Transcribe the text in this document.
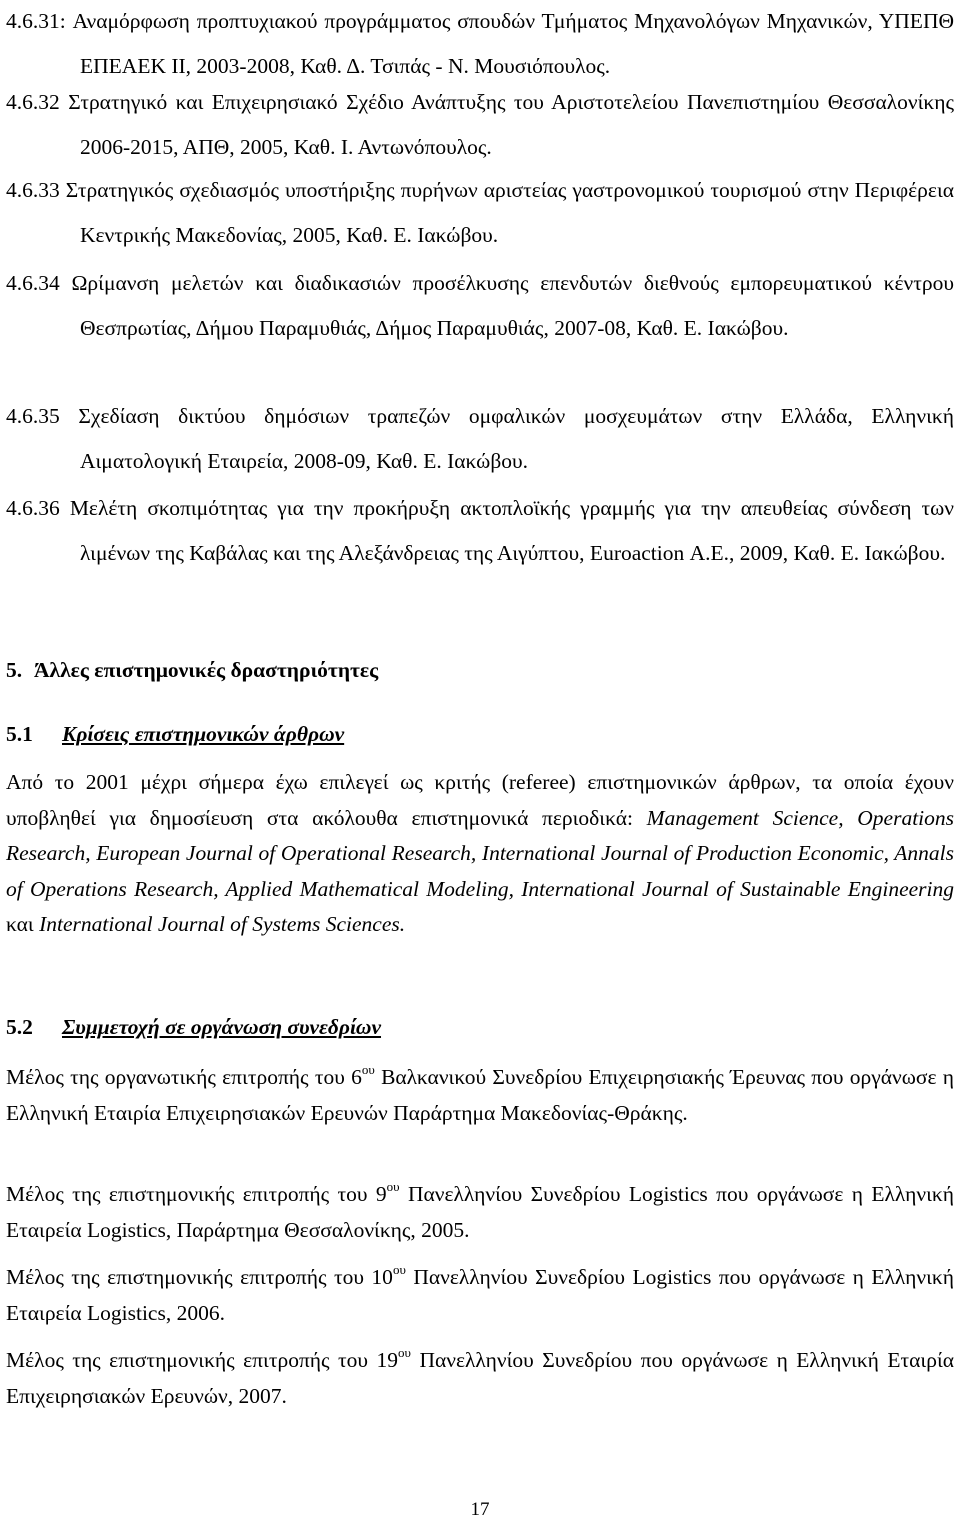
4.6.31: Αναμόρφωση προπτυχιακού προγράμματος σπουδών Τμήματος Μηχανολόγων Μηχανικών, ΥΠΕΠΘ ΕΠΕΑΕΚ ΙΙ, 2003-2008, Καθ. Δ. Τσιπάς - Ν. Μουσιόπουλος.

4.6.32 Στρατηγικό και Επιχειρησιακό Σχέδιο Ανάπτυξης του Αριστοτελείου Πανεπιστημίου Θεσσαλονίκης 2006-2015, ΑΠΘ, 2005, Καθ. Ι. Αντωνόπουλος.

4.6.33 Στρατηγικός σχεδιασμός υποστήριξης πυρήνων αριστείας γαστρονομικού τουρισμού στην Περιφέρεια Κεντρικής Μακεδονίας, 2005, Καθ. Ε. Ιακώβου.

4.6.34 Ωρίμανση μελετών και διαδικασιών προσέλκυσης επενδυτών διεθνούς εμπορευματικού κέντρου Θεσπρωτίας, Δήμου Παραμυθιάς, Δήμος Παραμυθιάς, 2007-08, Καθ. Ε. Ιακώβου.

4.6.35 Σχεδίαση δικτύου δημόσιων τραπεζών ομφαλικών μοσχευμάτων στην Ελλάδα, Ελληνική Αιματολογική Εταιρεία, 2008-09, Καθ. Ε. Ιακώβου.

4.6.36 Μελέτη σκοπιμότητας για την προκήρυξη ακτοπλοϊκής γραμμής για την απευθείας σύνδεση των λιμένων της Καβάλας και της Αλεξάνδρειας της Αιγύπτου, Euroaction Α.Ε., 2009, Καθ. Ε. Ιακώβου.

5. Άλλες επιστημονικές δραστηριότητες
5.1 Κρίσεις επιστημονικών άρθρων

Από το 2001 μέχρι σήμερα έχω επιλεγεί ως κριτής (referee) επιστημονικών άρθρων, τα οποία έχουν υποβληθεί για δημοσίευση στα ακόλουθα επιστημονικά περιοδικά: Management Science, Operations Research, European Journal of Operational Research, International Journal of Production Economic, Annals of Operations Research, Applied Mathematical Modeling, International Journal of Sustainable Engineering και International Journal of Systems Sciences.

5.2 Συμμετοχή σε οργάνωση συνεδρίων

Μέλος της οργανωτικής επιτροπής του $6^{o\upsilon}$ Βαλκανικού Συνεδρίου Επιχειρησιακής Έρευνας που οργάνωσε η Ελληνική Εταιρία Επιχειρησιακών Ερευνών Παράρτημα Μακεδονίας-Θράκης.

Μέλος της επιστημονικής επιτροπής του $9^{o\upsilon}$ Πανελληνίου Συνεδρίου Logistics που οργάνωσε η Ελληνική Εταιρεία Logistics, Παράρτημα Θεσσαλονίκης, 2005.

Μέλος της επιστημονικής επιτροπής του $10^{o\upsilon}$ Πανελληνίου Συνεδρίου Logistics που οργάνωσε η Ελληνική Εταιρεία Logistics, 2006.

Μέλος της επιστημονικής επιτροπής του $19^{o\upsilon}$ Πανελληνίου Συνεδρίου που οργάνωσε η Ελληνική Εταιρία Επιχειρησιακών Ερευνών, 2007.

17
